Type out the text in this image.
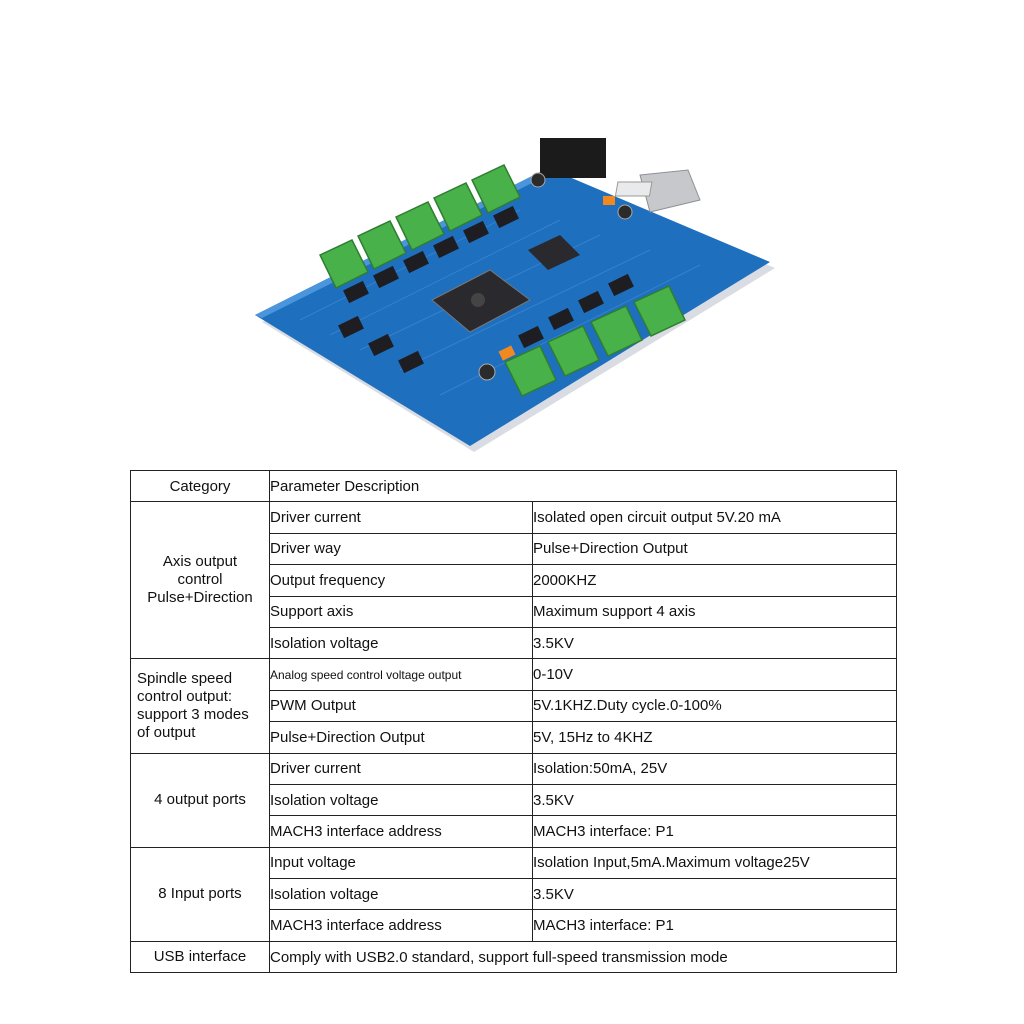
Category	Parameter Description	

Axis output
control
Pulse+Direction	Driver current	Isolated open circuit output 5V.20 mA
	Driver way	Pulse+Direction Output
	Output frequency	2000KHZ
	Support axis	Maximum support 4 axis
	Isolation voltage	3.5KV

Spindle speed
control output:
support 3 modes
of output	Analog speed control voltage output	0-10V
	PWM Output	5V.1KHZ.Duty cycle.0-100%
	Pulse+Direction Output	5V, 15Hz to 4KHZ

4 output ports	Driver current	Isolation:50mA, 25V
	Isolation voltage	3.5KV
	MACH3 interface address	MACH3 interface: P1

8 Input ports	Input voltage	Isolation Input,5mA.Maximum voltage25V
	Isolation voltage	3.5KV
	MACH3 interface address	MACH3 interface: P1
USB interface	Comply with USB2.0 standard, support full-speed transmission mode	
